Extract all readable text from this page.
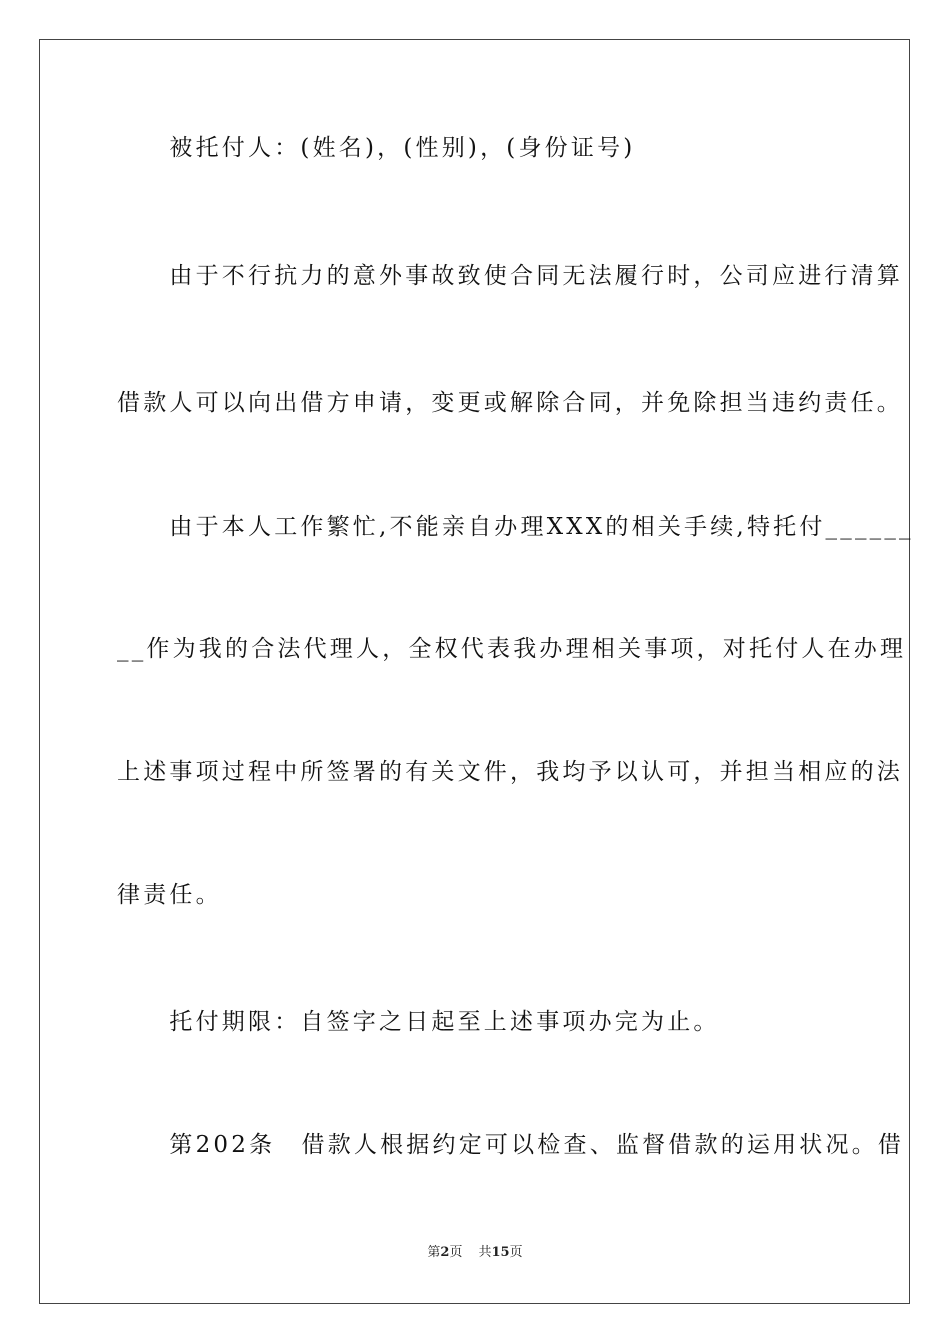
　　被托付人：(姓名)，(性别)，(身份证号)
　　由于不行抗力的意外事故致使合同无法履行时，公司应进行清算
借款人可以向出借方申请，变更或解除合同，并免除担当违约责任。
　　由于本人工作繁忙,不能亲自办理XXX的相关手续,特托付______
__作为我的合法代理人，全权代表我办理相关事项，对托付人在办理
上述事项过程中所签署的有关文件，我均予以认可，并担当相应的法
律责任。
　　托付期限：自签字之日起至上述事项办完为止。
　　第202条　借款人根据约定可以检查、监督借款的运用状况。借
第2页 共15页
